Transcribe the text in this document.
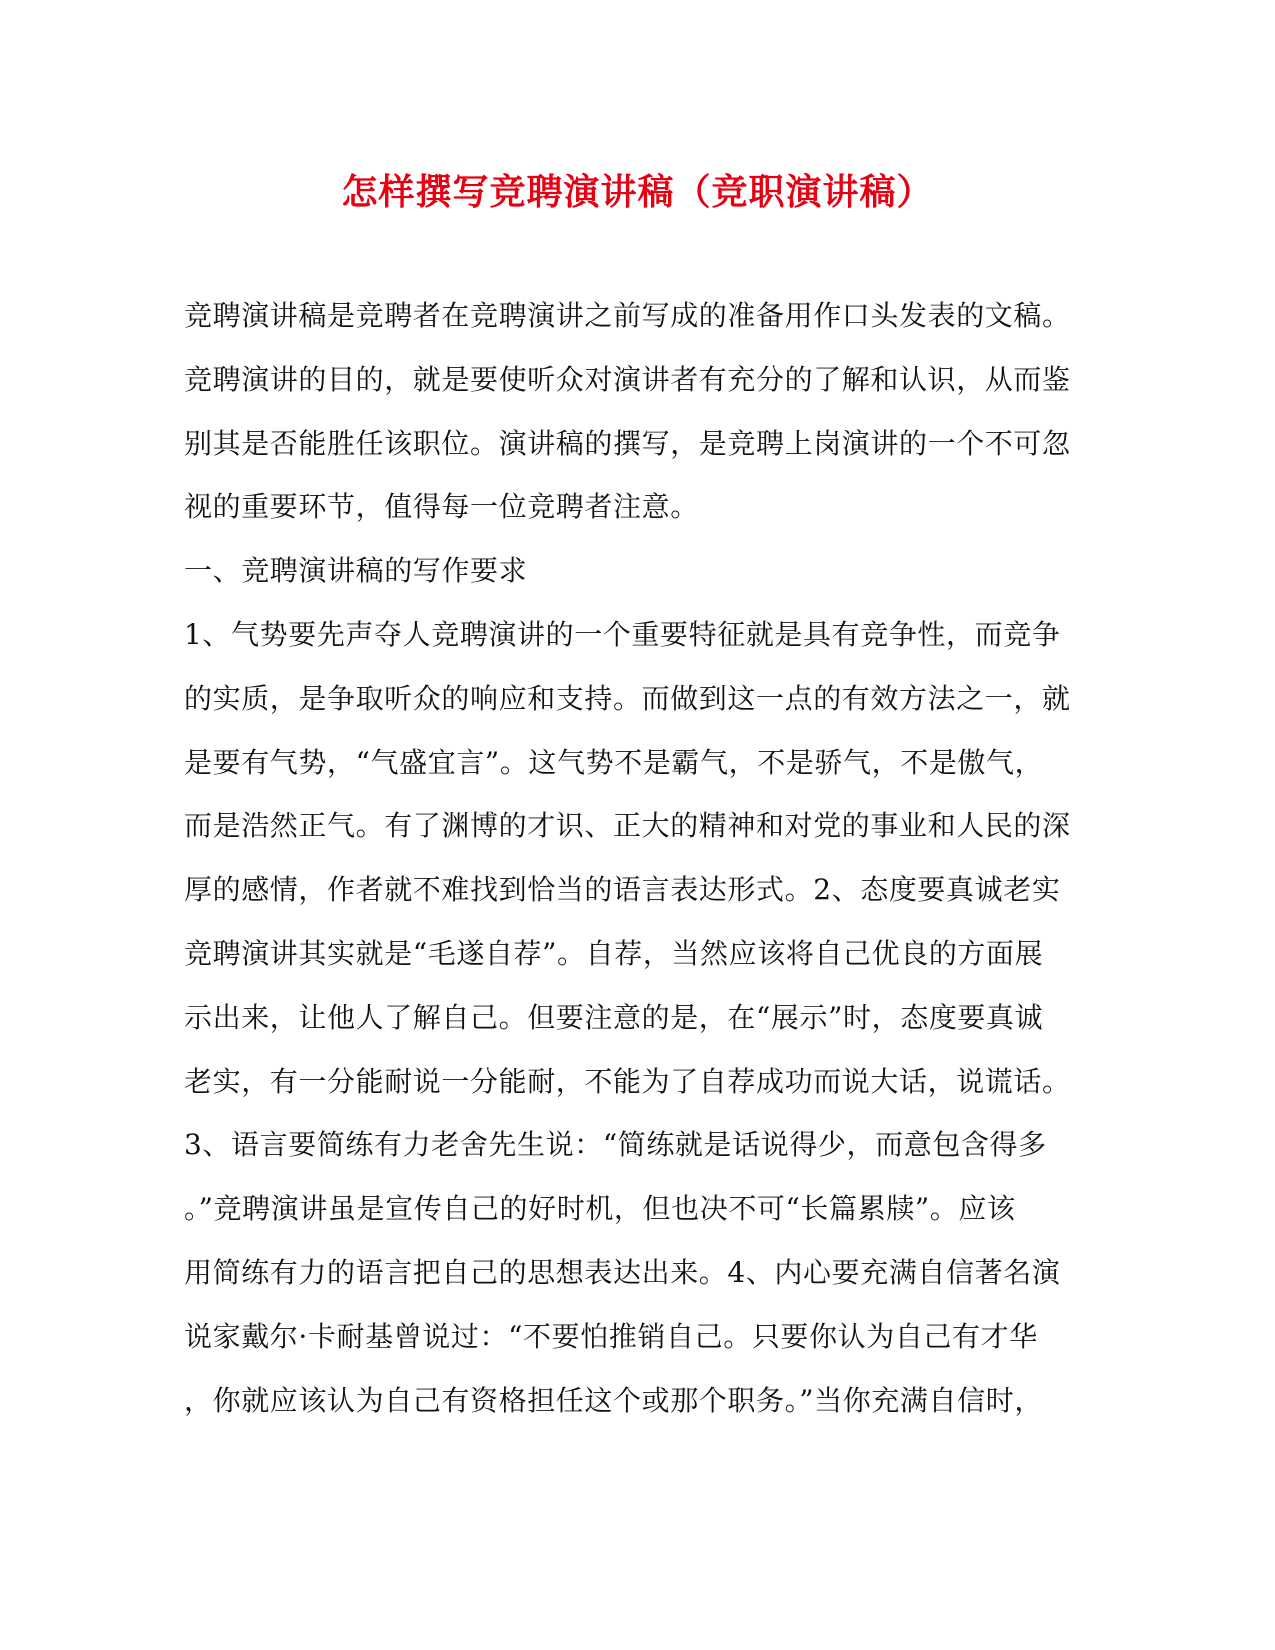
怎样撰写竞聘演讲稿（竞职演讲稿）
竞聘演讲稿是竞聘者在竞聘演讲之前写成的准备用作口头发表的文稿。
竞聘演讲的目的，就是要使听众对演讲者有充分的了解和认识，从而鉴
别其是否能胜任该职位。演讲稿的撰写，是竞聘上岗演讲的一个不可忽
视的重要环节，值得每一位竞聘者注意。
一、竞聘演讲稿的写作要求
1、气势要先声夺人竞聘演讲的一个重要特征就是具有竞争性，而竞争
的实质，是争取听众的响应和支持。而做到这一点的有效方法之一，就
是要有气势，“气盛宜言”。这气势不是霸气，不是骄气，不是傲气，
而是浩然正气。有了渊博的才识、正大的精神和对党的事业和人民的深
厚的感情，作者就不难找到恰当的语言表达形式。2、态度要真诚老实
竞聘演讲其实就是“毛遂自荐”。自荐，当然应该将自己优良的方面展
示出来，让他人了解自己。但要注意的是，在“展示”时，态度要真诚
老实，有一分能耐说一分能耐，不能为了自荐成功而说大话，说谎话。
3、语言要简练有力老舍先生说：“简练就是话说得少，而意包含得多
。”竞聘演讲虽是宣传自己的好时机，但也决不可“长篇累牍”。应该
用简练有力的语言把自己的思想表达出来。4、内心要充满自信著名演
说家戴尔·卡耐基曾说过：“不要怕推销自己。只要你认为自己有才华
，你就应该认为自己有资格担任这个或那个职务。”当你充满自信时，
